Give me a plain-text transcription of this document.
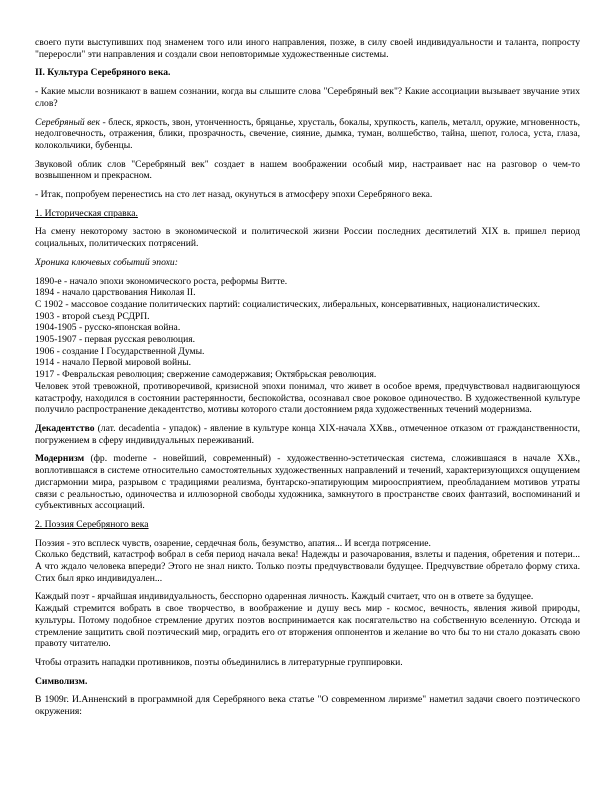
своего пути выступивших под знаменем того или иного направления, позже, в силу своей индивидуальности и таланта, попросту "переросли" эти направления и создали свои неповторимые художественные системы.

II. Культура Серебряного века.

- Какие мысли возникают в вашем сознании, когда вы слышите слова "Серебряный век"? Какие ассоциации вызывает звучание этих слов?

Серебряный век - блеск, яркость, звон, утонченность, бряцанье, хрусталь, бокалы, хрупкость, капель, металл, оружие, мгновенность, недолговечность, отражения, блики, прозрачность, свечение, сияние, дымка, туман, волшебство, тайна, шепот, голоса, уста, глаза, колокольчики, бубенцы.

Звуковой облик слов "Серебряный век" создает в нашем воображении особый мир, настраивает нас на разговор о чем-то возвышенном и прекрасном.

- Итак, попробуем перенестись на сто лет назад, окунуться в атмосферу эпохи Серебряного века.

1. Историческая справка.

На смену некоторому застою в экономической и политической жизни России последних десятилетий XIX в. пришел период социальных, политических потрясений.

Хроника ключевых событий эпохи:

1890-е - начало эпохи экономического роста, реформы Витте.
1894 - начало царствования Николая II.
С 1902 - массовое создание политических партий: социалистических, либеральных, консервативных, националистических.
1903 - второй съезд РСДРП.
1904-1905 - русско-японская война.
1905-1907 - первая русская революция.
1906 - создание I Государственной Думы.
1914 - начало Первой мировой войны.
1917 - Февральская революция; свержение самодержавия; Октябрьская революция.
Человек этой тревожной, противоречивой, кризисной эпохи понимал, что живет в особое время, предчувствовал надвигающуюся катастрофу, находился в состоянии растерянности, беспокойства, осознавал свое роковое одиночество. В художественной культуре получило распространение декадентство, мотивы которого стали достоянием ряда художественных течений модернизма.

Декадентство (лат. decadentia - упадок) - явление в культуре конца XIX-начала XXвв., отмеченное отказом от гражданственности, погружением в сферу индивидуальных переживаний.

Модернизм (фр. moderne - новейший, современный) - художественно-эстетическая система, сложившаяся в начале XXв., воплотившаяся в системе относительно самостоятельных художественных направлений и течений, характеризующихся ощущением дисгармонии мира, разрывом с традициями реализма, бунтарско-эпатирующим мироосприятием, преобладанием мотивов утраты связи с реальностью, одиночества и иллюзорной свободы художника, замкнутого в пространстве своих фантазий, воспоминаний и субъективных ассоциаций.

2. Поэзия Серебряного века

Поэзия - это всплеск чувств, озарение, сердечная боль, безумство, апатия... И всегда потрясение.
Сколько бедствий, катастроф вобрал в себя период начала века! Надежды и разочарования, взлеты и падения, обретения и потери... А что ждало человека впереди? Этого не знал никто. Только поэты предчувствовали будущее. Предчувствие обретало форму стиха. Стих был ярко индивидуален...
Каждый поэт - ярчайшая индивидуальность, бесспорно одаренная личность. Каждый считает, что он в ответе за будущее.
Каждый стремится вобрать в свое творчество, в воображение и душу весь мир - космос, вечность, явления живой природы, культуры. Потому подобное стремление других поэтов воспринимается как посягательство на собственную вселенную. Отсюда и стремление защитить свой поэтический мир, оградить его от вторжения оппонентов и желание во что бы то ни стало доказать свою правоту читателю.

Чтобы отразить нападки противников, поэты объединились в литературные группировки.

Символизм.

В 1909г. И.Анненский в программной для Серебряного века статье "О современном лиризме" наметил задачи своего поэтического окружения:
